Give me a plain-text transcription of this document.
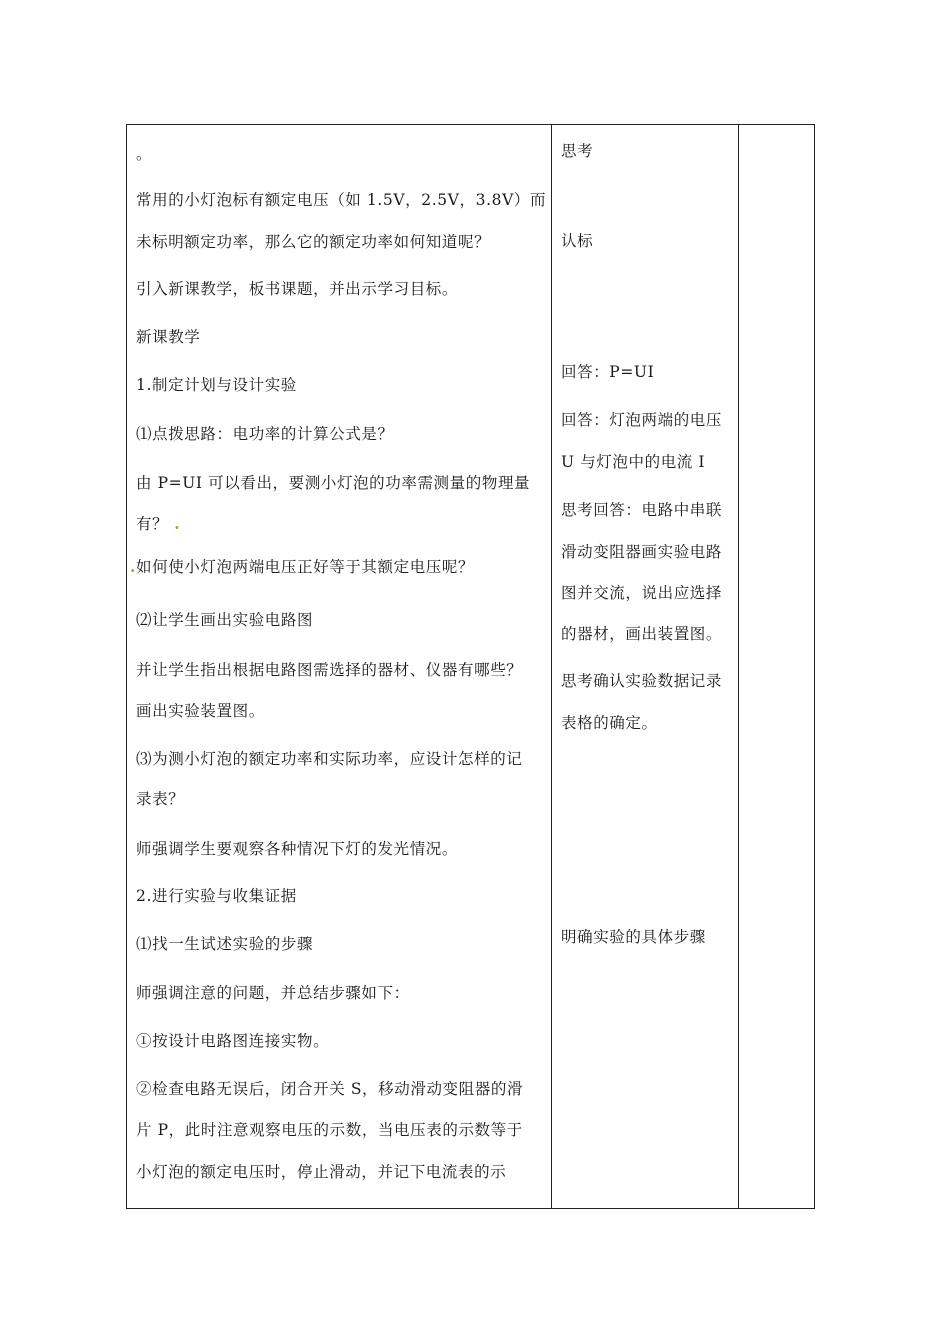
。
常用的小灯泡标有额定电压（如 1.5V，2.5V，3.8V）而
未标明额定功率，那么它的额定功率如何知道呢？
引入新课教学，板书课题，并出示学习目标。
新课教学
1.制定计划与设计实验
⑴点拨思路：电功率的计算公式是？
由 P=UI 可以看出，要测小灯泡的功率需测量的物理量
有？ .
. 如何使小灯泡两端电压正好等于其额定电压呢？
⑵让学生画出实验电路图
并让学生指出根据电路图需选择的器材、仪器有哪些？
画出实验装置图。
⑶为测小灯泡的额定功率和实际功率，应设计怎样的记
录表？
师强调学生要观察各种情况下灯的发光情况。
2.进行实验与收集证据
⑴找一生试述实验的步骤
师强调注意的问题，并总结步骤如下：
①按设计电路图连接实物。
②检查电路无误后，闭合开关 S，移动滑动变阻器的滑
片 P，此时注意观察电压的示数，当电压表的示数等于
小灯泡的额定电压时，停止滑动，并记下电流表的示
思考
认标
回答：P=UI
回答：灯泡两端的电压
U 与灯泡中的电流 I
思考回答：电路中串联
滑动变阻器画实验电路
图并交流，说出应选择
的器材，画出装置图。
思考确认实验数据记录
表格的确定。
明确实验的具体步骤
